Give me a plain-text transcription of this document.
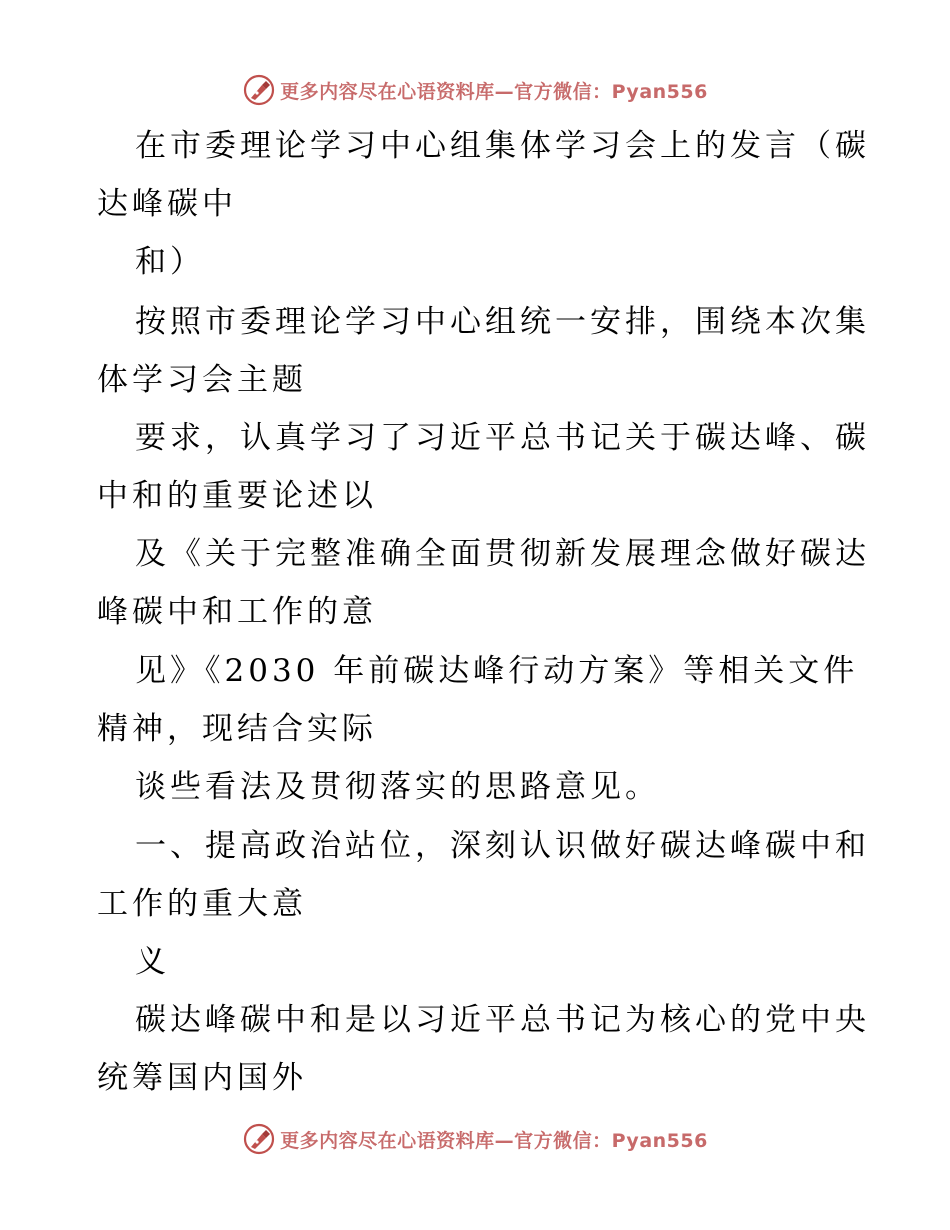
更多内容尽在心语资料库—官方微信：Pyan556
在市委理论学习中心组集体学习会上的发言（碳
达峰碳中
和）
按照市委理论学习中心组统一安排，围绕本次集
体学习会主题
要求，认真学习了习近平总书记关于碳达峰、碳
中和的重要论述以
及《关于完整准确全面贯彻新发展理念做好碳达
峰碳中和工作的意
见》《2030 年前碳达峰行动方案》等相关文件
精神，现结合实际
谈些看法及贯彻落实的思路意见。
一、提高政治站位，深刻认识做好碳达峰碳中和
工作的重大意
义
碳达峰碳中和是以习近平总书记为核心的党中央
统筹国内国外
更多内容尽在心语资料库—官方微信：Pyan556
